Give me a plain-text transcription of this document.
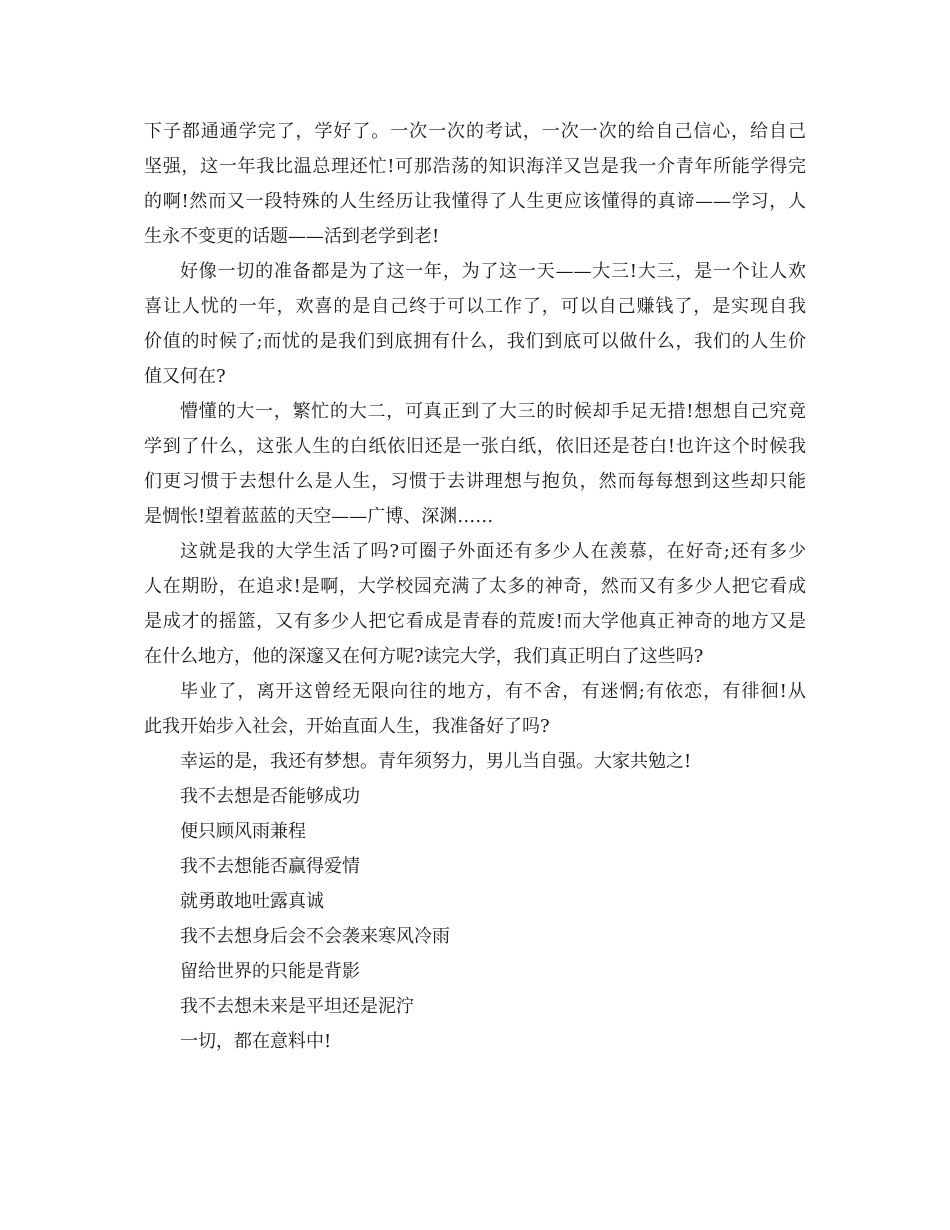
下子都通通学完了，学好了。一次一次的考试，一次一次的给自己信心，给自己
坚强，这一年我比温总理还忙!可那浩荡的知识海洋又岂是我一介青年所能学得完
的啊!然而又一段特殊的人生经历让我懂得了人生更应该懂得的真谛——学习，人
生永不变更的话题——活到老学到老!
好像一切的准备都是为了这一年，为了这一天——大三!大三，是一个让人欢
喜让人忧的一年，欢喜的是自己终于可以工作了，可以自己赚钱了，是实现自我
价值的时候了;而忧的是我们到底拥有什么，我们到底可以做什么，我们的人生价
值又何在?
懵懂的大一，繁忙的大二，可真正到了大三的时候却手足无措!想想自己究竟
学到了什么，这张人生的白纸依旧还是一张白纸，依旧还是苍白!也许这个时候我
们更习惯于去想什么是人生，习惯于去讲理想与抱负，然而每每想到这些却只能
是惆怅!望着蓝蓝的天空——广博、深渊……
这就是我的大学生活了吗?可圈子外面还有多少人在羡慕，在好奇;还有多少
人在期盼，在追求!是啊，大学校园充满了太多的神奇，然而又有多少人把它看成
是成才的摇篮，又有多少人把它看成是青春的荒废!而大学他真正神奇的地方又是
在什么地方，他的深邃又在何方呢?读完大学，我们真正明白了这些吗?
毕业了，离开这曾经无限向往的地方，有不舍，有迷惘;有依恋，有徘徊!从
此我开始步入社会，开始直面人生，我准备好了吗?
幸运的是，我还有梦想。青年须努力，男儿当自强。大家共勉之!
我不去想是否能够成功
便只顾风雨兼程
我不去想能否赢得爱情
就勇敢地吐露真诚
我不去想身后会不会袭来寒风冷雨
留给世界的只能是背影
我不去想未来是平坦还是泥泞
一切，都在意料中!
